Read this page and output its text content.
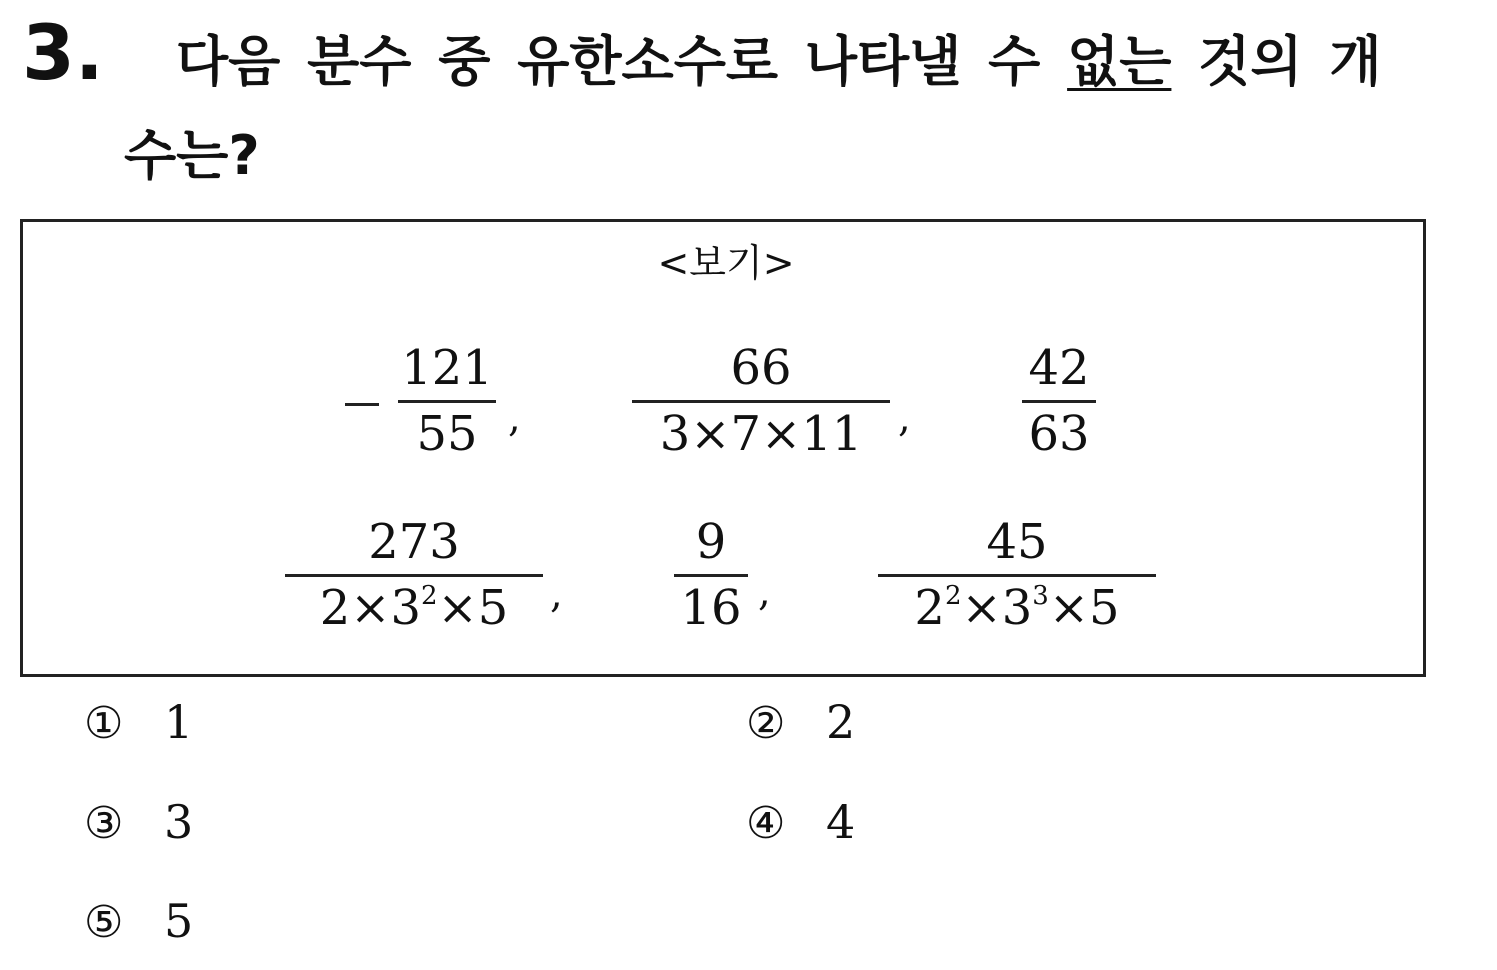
3. 다음 분수 중 유한소수로 나타낼 수 없는 것의 개
수는?
<보기>
121
55 ,
66
3×7×11 ,
42
63
273
$2\times 3^2\times 5$	,
9
16 ,
45
$2^2\times 3^3\times 5$
① 1	② 2
③ 3	④ 4
⑤ 5
